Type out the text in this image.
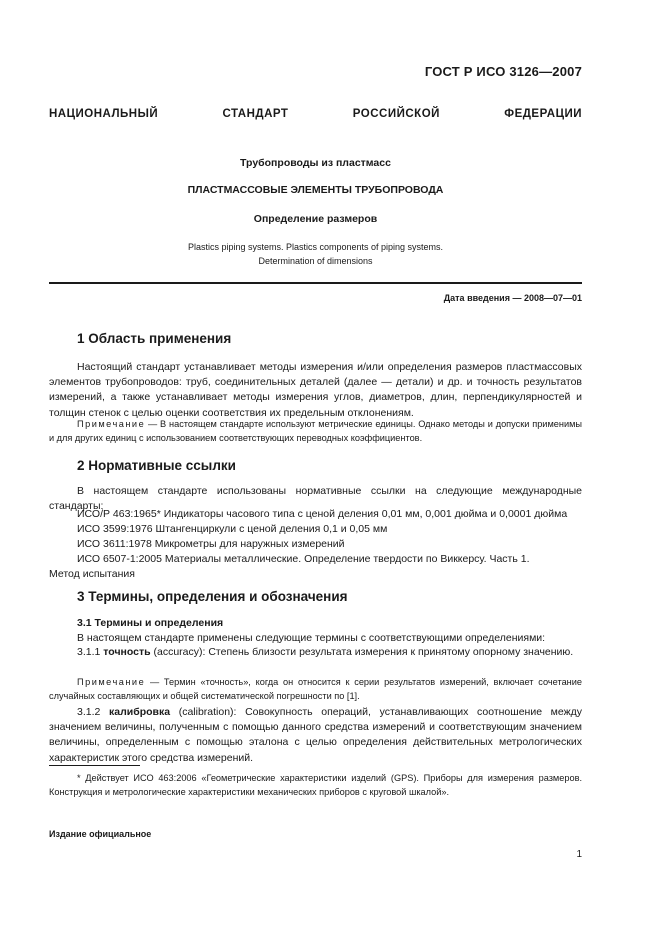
ГОСТ Р ИСО 3126—2007
НАЦИОНАЛЬНЫЙ СТАНДАРТ РОССИЙСКОЙ ФЕДЕРАЦИИ
Трубопроводы из пластмасс
ПЛАСТМАССОВЫЕ ЭЛЕМЕНТЫ ТРУБОПРОВОДА
Определение размеров
Plastics piping systems. Plastics components of piping systems.
Determination of dimensions
Дата введения — 2008—07—01
1 Область применения

Настоящий стандарт устанавливает методы измерения и/или определения размеров пластмассовых элементов трубопроводов: труб, соединительных деталей (далее — детали) и др. и точность результатов измерений, а также устанавливает методы измерения углов, диаметров, длин, перпендикулярностей и толщин стенок с целью оценки соответствия их предельным отклонениям.

Примечание — В настоящем стандарте используют метрические единицы. Однако методы и допуски применимы и для других единиц с использованием соответствующих переводных коэффициентов.

2 Нормативные ссылки

В настоящем стандарте использованы нормативные ссылки на следующие международные стандарты:

ИСО/Р 463:1965* Индикаторы часового типа с ценой деления 0,01 мм, 0,001 дюйма и 0,0001 дюйма
ИСО 3599:1976 Штангенциркули с ценой деления 0,1 и 0,05 мм
ИСО 3611:1978 Микрометры для наружных измерений
ИСО 6507-1:2005 Материалы металлические. Определение твердости по Виккерсу. Часть 1.
Метод испытания
3 Термины, определения и обозначения
3.1 Термины и определения
В настоящем стандарте применены следующие термины с соответствующими определениями:

3.1.1 точность (accuracy): Степень близости результата измерения к принятому опорному значению.

Примечание — Термин «точность», когда он относится к серии результатов измерений, включает сочетание случайных составляющих и общей систематической погрешности по [1].

3.1.2 калибровка (calibration): Совокупность операций, устанавливающих соотношение между значением величины, полученным с помощью данного средства измерений и соответствующим значением величины, определенным с помощью эталона с целью определения действительных метрологических характеристик этого средства измерений.

* Действует ИСО 463:2006 «Геометрические характеристики изделий (GPS). Приборы для измерения размеров. Конструкция и метрологические характеристики механических приборов с круговой шкалой».

Издание официальное
1
